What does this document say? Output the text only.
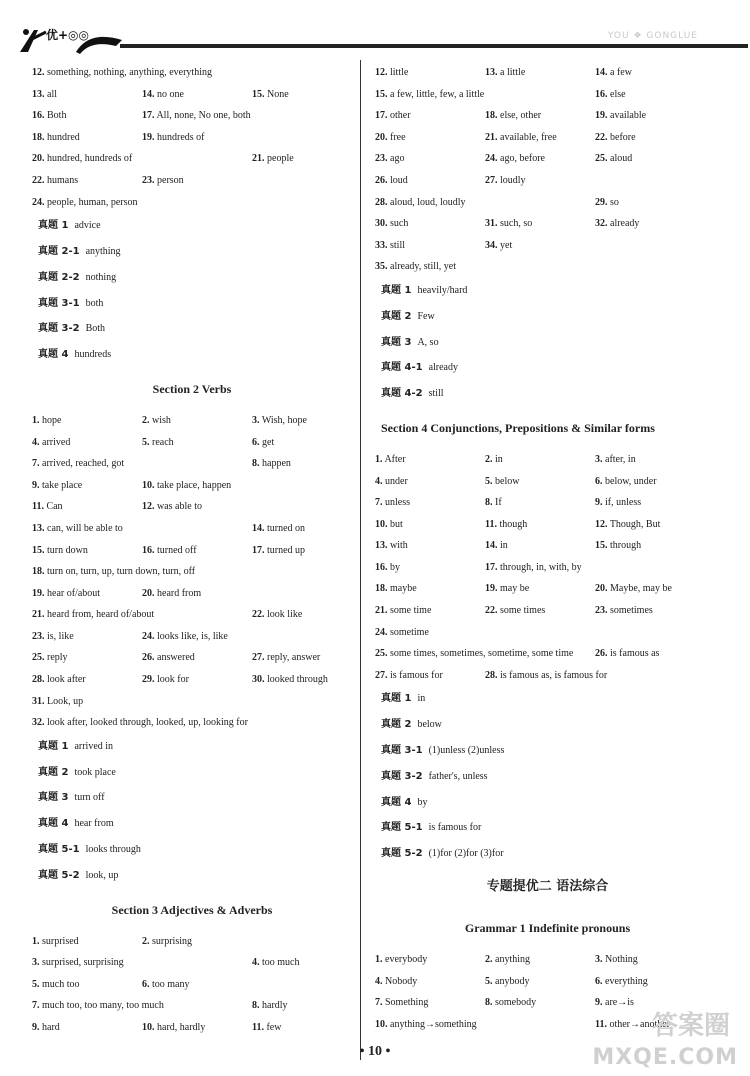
优+◎◎	YOU ❖ GONGLUE
12. something, nothing, anything, everything
13. all	14. no one	15. None
16. Both	17. All, none, No one, both
18. hundred	19. hundreds of
20. hundred, hundreds of	21. people
22. humans	23. person
24. people, human, person
真题 1 advice
真题 2-1 anything
真题 2-2 nothing
真题 3-1 both
真题 3-2 Both
真题 4 hundreds
Section 2 Verbs
1. hope	2. wish	3. Wish, hope
4. arrived	5. reach	6. get
7. arrived, reached, got	8. happen
9. take place	10. take place, happen
11. Can	12. was able to
13. can, will be able to	14. turned on
15. turn down	16. turned off	17. turned up
18. turn on, turn, up, turn down, turn, off
19. hear of/about	20. heard from
21. heard from, heard of/about	22. look like
23. is, like	24. looks like, is, like
25. reply	26. answered	27. reply, answer
28. look after	29. look for	30. looked through
31. Look, up
32. look after, looked through, looked, up, looking for
真题 1 arrived in
真题 2 took place
真题 3 turn off
真题 4 hear from
真题 5-1 looks through
真题 5-2 look, up
Section 3 Adjectives & Adverbs
1. surprised	2. surprising
3. surprised, surprising	4. too much
5. much too	6. too many
7. much too, too many, too much	8. hardly
9. hard	10. hard, hardly	11. few
12. little	13. a little	14. a few
15. a few, little, few, a little	16. else
17. other	18. else, other	19. available
20. free	21. available, free	22. before
23. ago	24. ago, before	25. aloud
26. loud	27. loudly
28. aloud, loud, loudly	29. so
30. such	31. such, so	32. already
33. still	34. yet
35. already, still, yet
真题 1 heavily/hard
真题 2 Few
真题 3 A, so
真题 4-1 already
真题 4-2 still
Section 4 Conjunctions, Prepositions & Similar forms
1. After	2. in	3. after, in
4. under	5. below	6. below, under
7. unless	8. If	9. if, unless
10. but	11. though	12. Though, But
13. with	14. in	15. through
16. by	17. through, in, with, by
18. maybe	19. may be	20. Maybe, may be
21. some time	22. some times	23. sometimes
24. sometime
25. some times, sometimes, sometime, some time 26. is famous as
27. is famous for	28. is famous as, is famous for
真题 1 in
真题 2 below
真题 3-1 (1)unless (2)unless
真题 3-2 father's, unless
真题 4 by
真题 5-1 is famous for
真题 5-2 (1)for (2)for (3)for
专题提优二 语法综合
Grammar 1 Indefinite pronouns
1. everybody	2. anything	3. Nothing
4. Nobody	5. anybody	6. everything
7. Something	8. somebody	9. are→is
10. anything→something	11. other→another
• 10 •
答案圈
MXQE.COM
